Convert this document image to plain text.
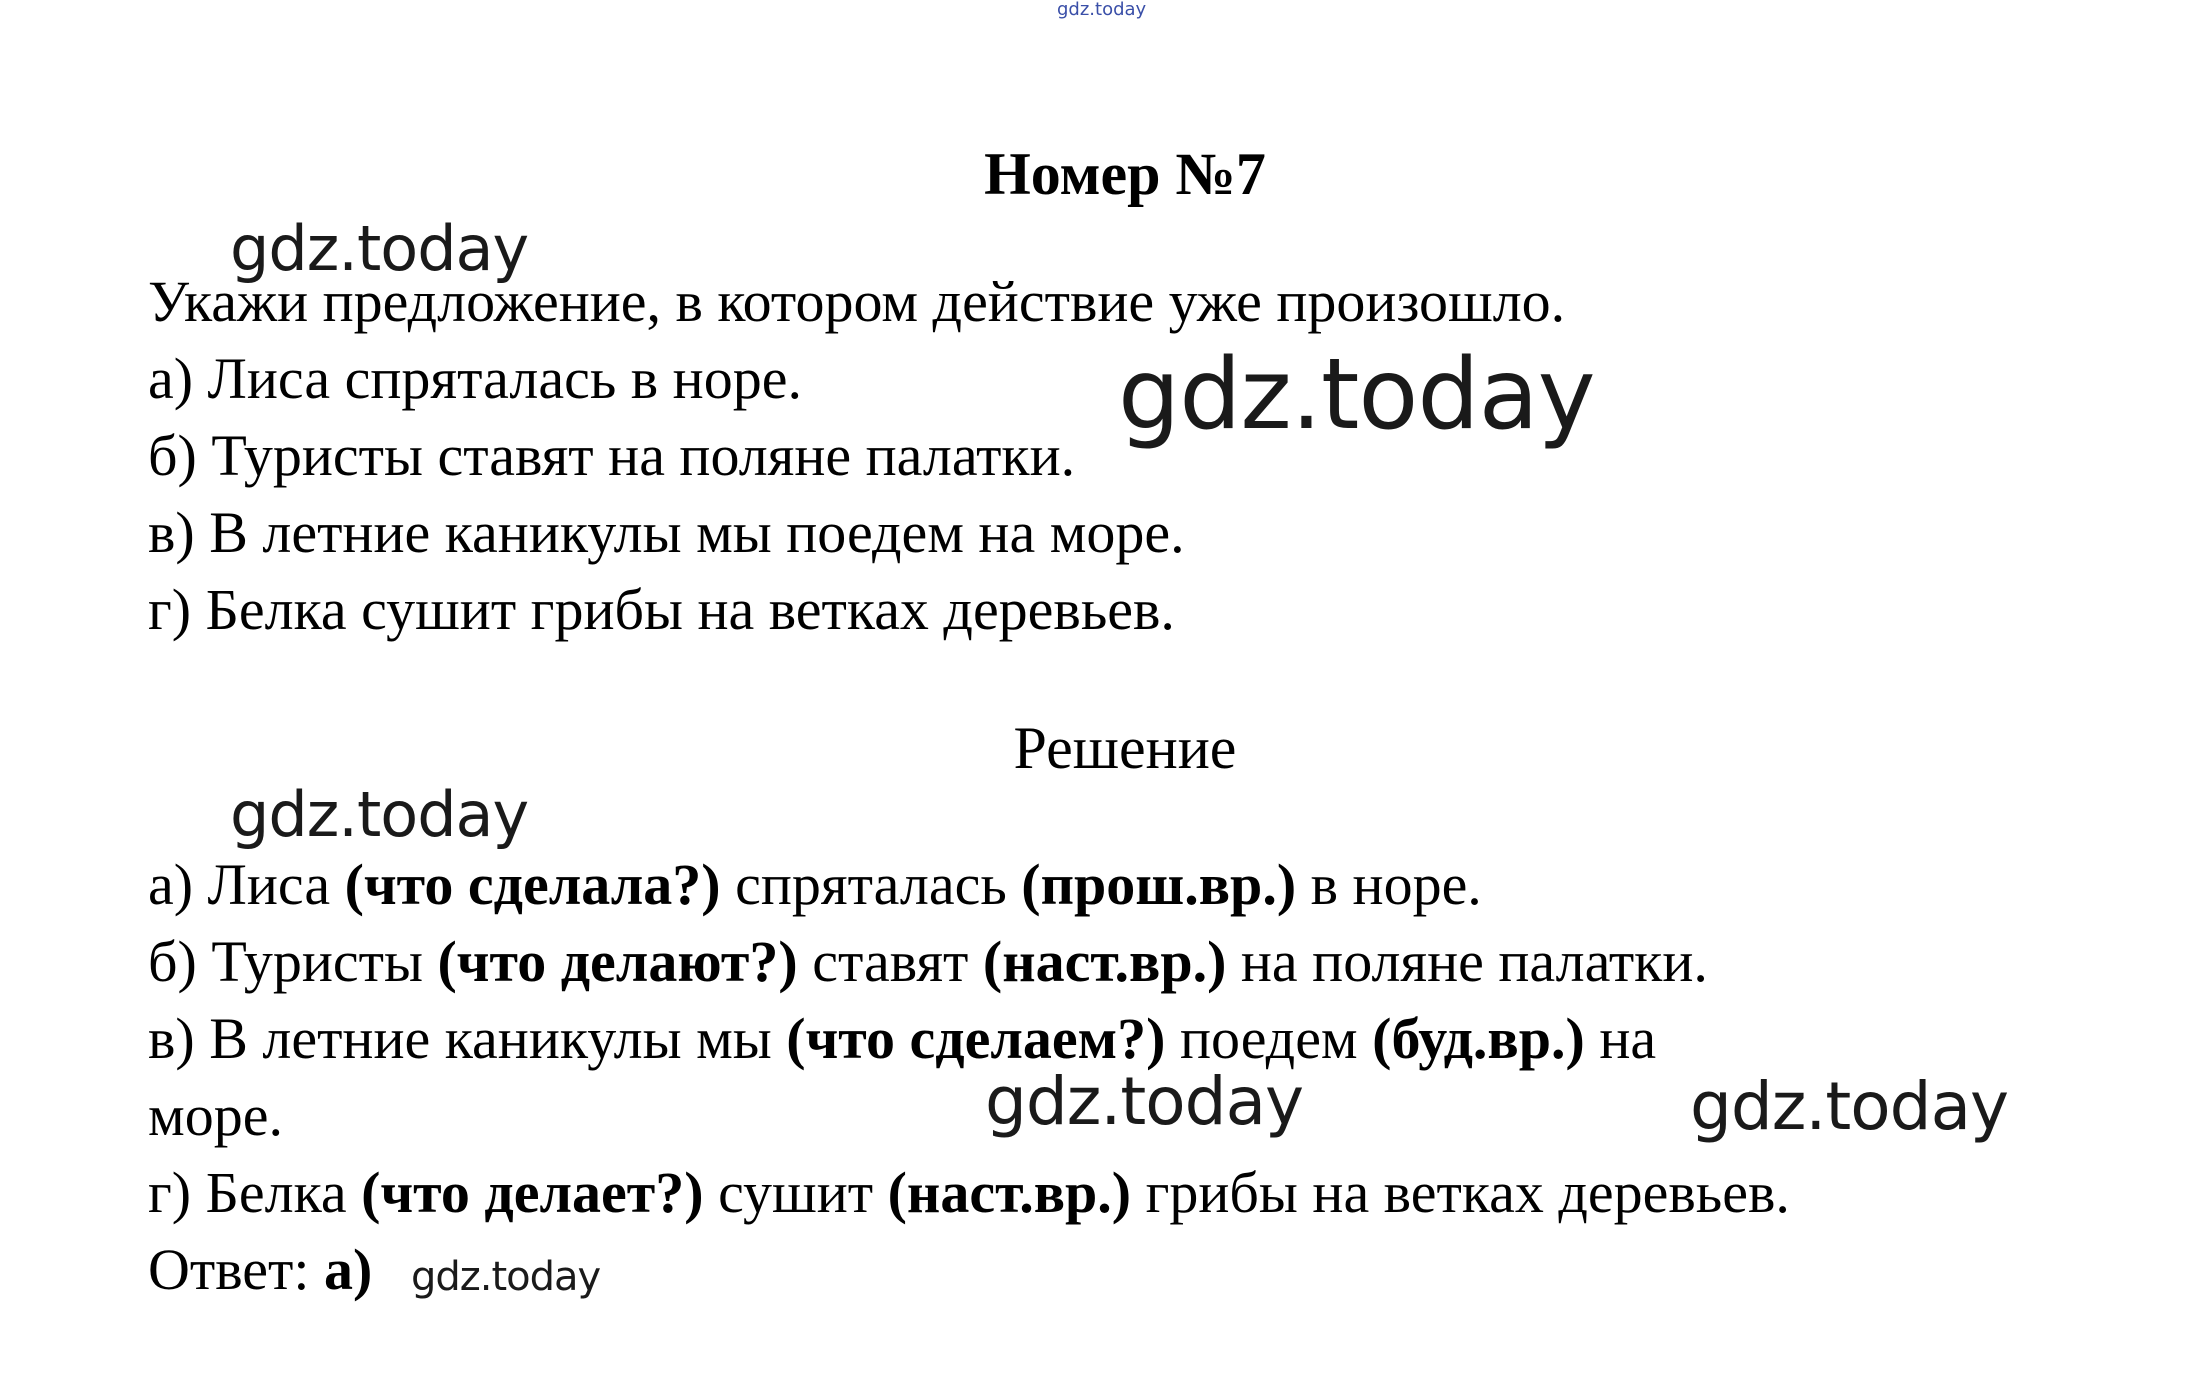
gdz.today
gdz.today
gdz.today
gdz.today
gdz.today	gdz.today
gdz.today
Номер №7

Укажи предложение, в котором действие уже произошло.

а) Лиса спряталась в норе.

б) Туристы ставят на поляне палатки.

в) В летние каникулы мы поедем на море.

г) Белка сушит грибы на ветках деревьев.

Решение

а) Лиса (что сделала?) спряталась (прош.вр.) в норе.

б) Туристы (что делают?) ставят (наст.вр.) на поляне палатки.

в) В летние каникулы мы (что сделаем?) поедем (буд.вр.) на

море.

г) Белка (что делает?) сушит (наст.вр.) грибы на ветках деревьев.

Ответ: а)
